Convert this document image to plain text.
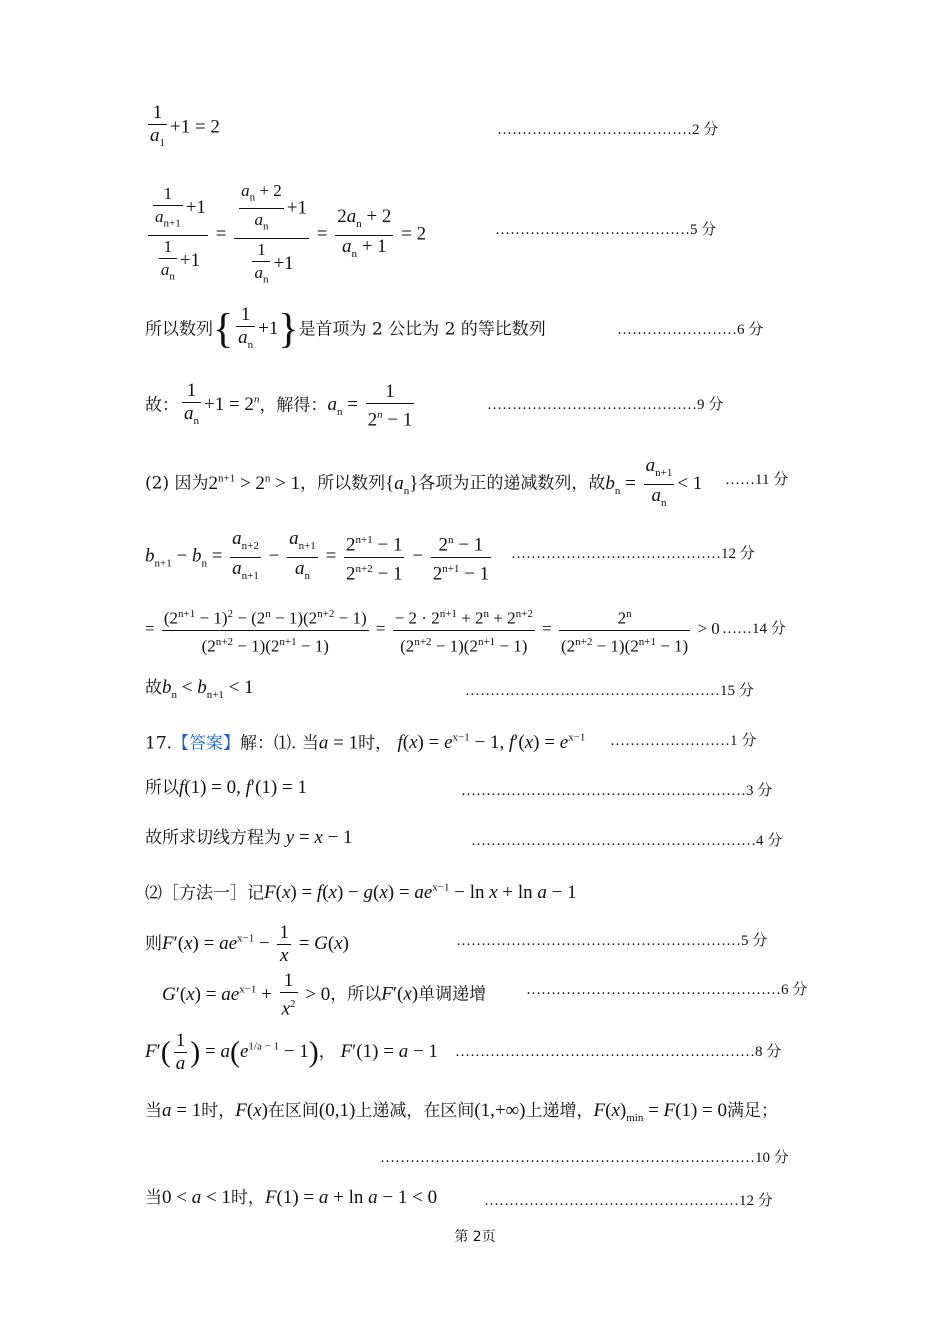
$\frac{1}{a_1} +1 = 2$	…………………………………2 分
$\frac{\frac{1}{a_{n+1}} +1}{\frac{1}{a_n} +1} = \frac{\frac{a_n + 2}{a_n} +1}{\frac{1}{a_n} +1} = \frac{2a_n + 2}{a_n + 1} = 2$	…………………………………5 分
所以数列{ $\frac{1}{a_n} +1$}是首项为 2 公比为 2 的等比数列	……………………6 分
故： $\frac{1}{a_n} +1 = 2^n$，解得：$a_n = \frac{1}{2^n - 1}$	……………………………………9 分
(2) 因为$2^{n+1} > 2^n > 1$，所以数列$\{a_n\}$各项为正的递减数列，故$b_n = \frac{a_{n+1}}{a_n} < 1$ ……11 分
$b_{n+1} - b_n = \frac{a_{n+2}}{a_{n+1}} - \frac{a_{n+1}}{a_n} = \frac{2^{n+1} - 1}{2^{n+2} - 1} - \frac{2^n - 1}{2^{n+1} - 1}$ ……………………………………12 分
= $\frac{(2^{n+1} - 1)^2 - (2^n - 1)(2^{n+2} - 1)}{(2^{n+2} - 1)(2^{n+1} - 1)} = \frac{- 2 \cdot 2^{n+1} + 2^n + 2^{n+2}}{(2^{n+2} - 1)(2^{n+1} - 1)} = \frac{2^n}{(2^{n+2} - 1)(2^{n+1} - 1)} > 0$ ……14 分
故$b_n < b_{n+1} < 1$	……………………………………………15 分
17.【答案】解：⑴. 当a = 1时， $f(x) = e^{x-1} - 1$, $f'(x) = e^{x-1}$ ……………………1 分
所以f(1) = 0, f′(1) = 1	…………………………………………………3 分
故所求切线方程为 y = x − 1	…………………………………………………4 分
⑵［方法一］记$F(x) = f(x) - g(x) = ae^{x-1} - \ln x + \ln a - 1$
则$F'(x) = ae^{x-1} - \frac{1}{x} = G(x)$	…………………………………………………5 分
$G'(x) = ae^{x-1} + \frac{1}{x^2} > 0$，所以F′(x)单调递增	……………………………………………6 分
$F'( \frac{1}{a}$ ) = $a(e^{1/a - 1} - 1)$， F′(1) = a − 1 ……………………………………………………8 分
当a = 1时，F(x)在区间(0,1)上递减，在区间(1,+∞)上递增，$F(x)_{min} = F(1) = 0$满足；
…………………………………………………………………10 分
当0 < a < 1时，F(1) = a + ln a − 1 < 0	……………………………………………12 分
第 2页
